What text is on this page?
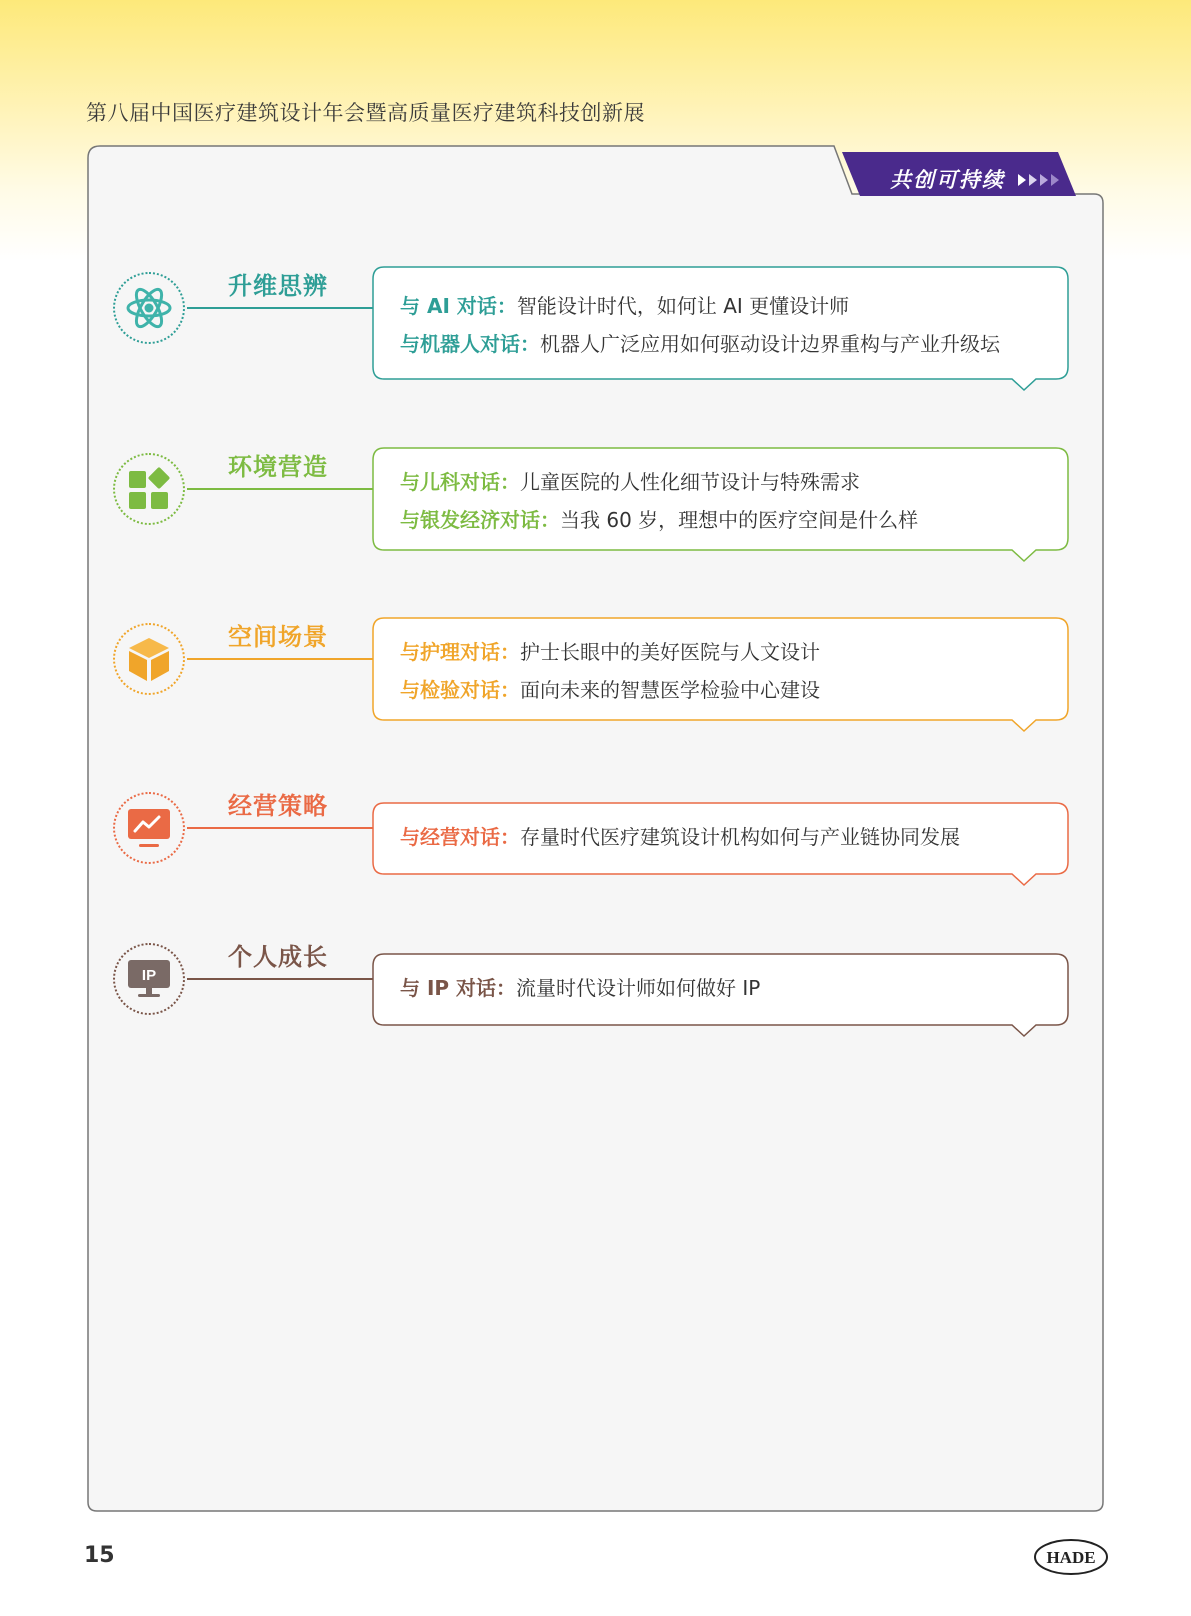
第八届中国医疗建筑设计年会暨高质量医疗建筑科技创新展
共创可持续
升维思辨
与 AI 对话：智能设计时代，如何让 AI 更懂设计师
与机器人对话：机器人广泛应用如何驱动设计边界重构与产业升级坛
环境营造
与儿科对话：儿童医院的人性化细节设计与特殊需求
与银发经济对话：当我 60 岁，理想中的医疗空间是什么样
空间场景
与护理对话：护士长眼中的美好医院与人文设计
与检验对话：面向未来的智慧医学检验中心建设
经营策略
与经营对话：存量时代医疗建筑设计机构如何与产业链协同发展
个人成长
IP
与 IP 对话：流量时代设计师如何做好 IP
15	HADE
